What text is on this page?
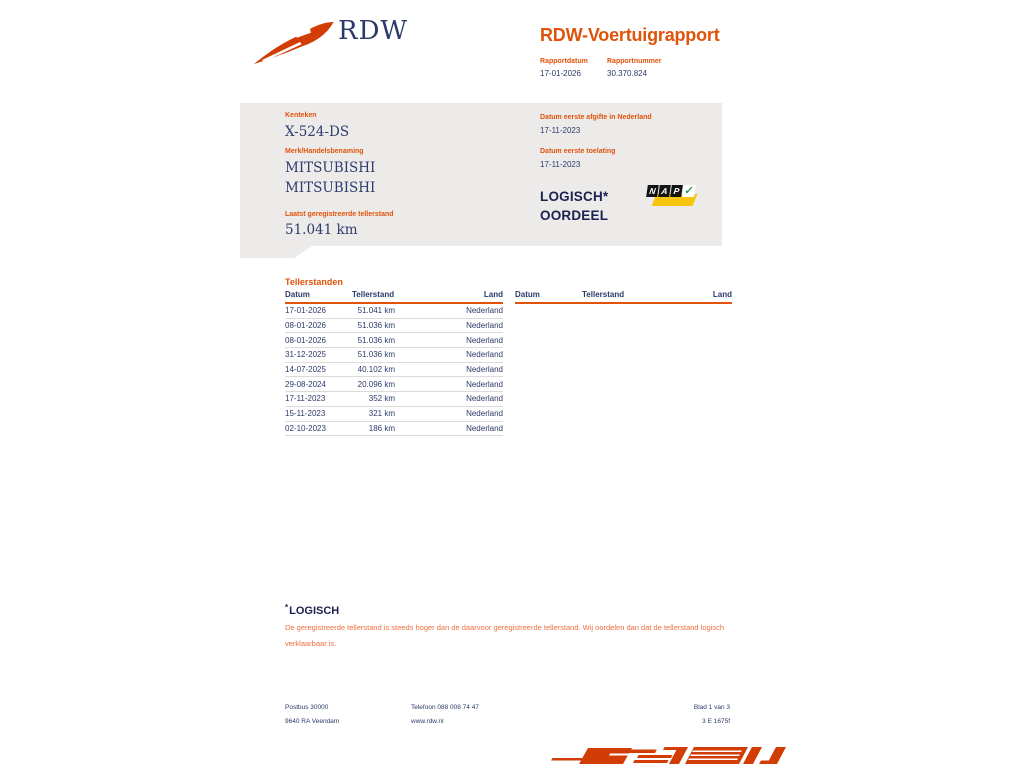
RDW	RDW-Voertuigrapport
Rapportdatum	Rapportnummer
17-01-2026	30.370.824
Kenteken
X-524-DS
Merk/Handelsbenaming
MITSUBISHI
MITSUBISHI
Laatst geregistreerde tellerstand
51.041 km
Datum eerste afgifte in Nederland
17-11-2023
Datum eerste toelating
17-11-2023
LOGISCH*
OORDEEL
N A P ✓
Tellerstanden
Datum	Tellerstand	Land
17-01-2026	51.041 km	Nederland
08-01-2026	51.036 km	Nederland
08-01-2026	51.036 km	Nederland
31-12-2025	51.036 km	Nederland
14-07-2025	40.102 km	Nederland
29-08-2024	20.096 km	Nederland
17-11-2023	352 km	Nederland
15-11-2023	321 km	Nederland
02-10-2023	186 km	Nederland
Datum	Tellerstand	Land
*LOGISCH
De geregistreerde tellerstand is steeds hoger dan de daarvoor geregistreerde tellerstand. Wij oordelen dan dat de tellerstand logisch verklaarbaar is.
Postbus 30000
9640 RA Veendam
Telefoon 088 008 74 47
www.rdw.nl
Blad 1 van 3
3 E 1675f
